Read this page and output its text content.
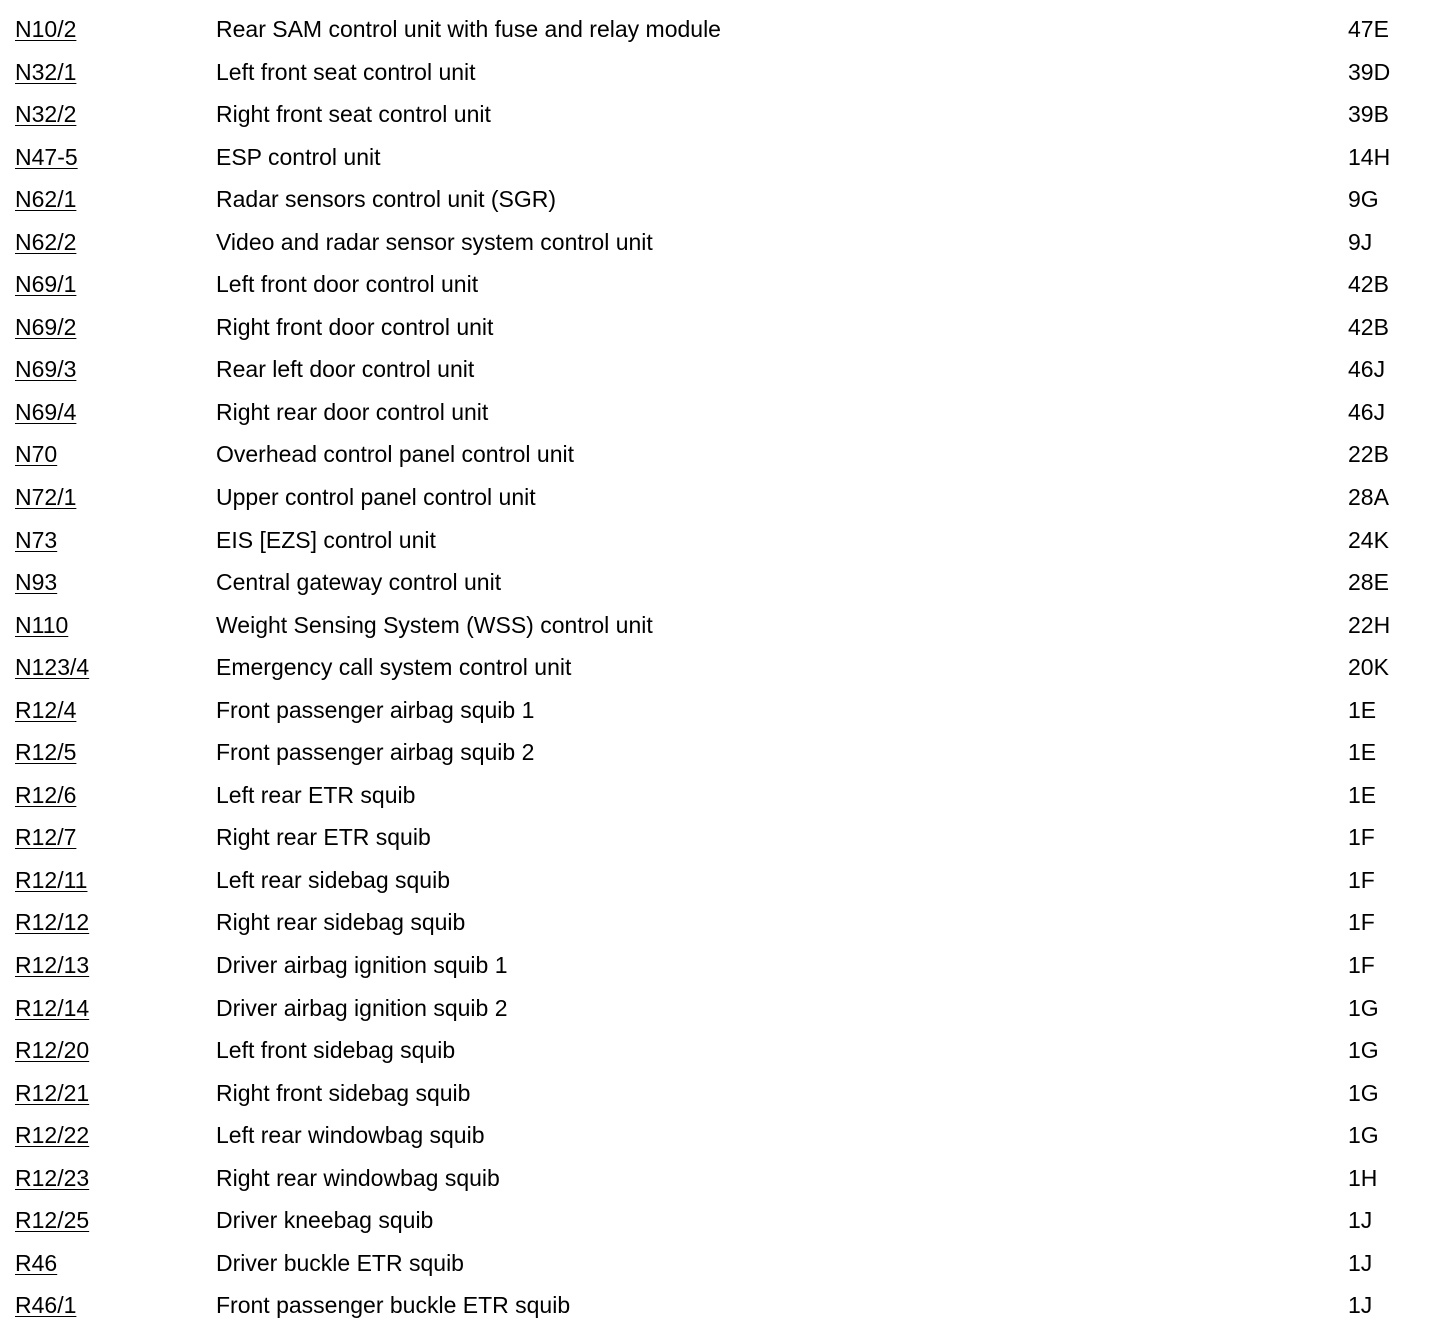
N10/2	Rear SAM control unit with fuse and relay module	47E
N32/1	Left front seat control unit	39D
N32/2	Right front seat control unit	39B
N47-5	ESP control unit	14H
N62/1	Radar sensors control unit (SGR)	9G
N62/2	Video and radar sensor system control unit	9J
N69/1	Left front door control unit	42B
N69/2	Right front door control unit	42B
N69/3	Rear left door control unit	46J
N69/4	Right rear door control unit	46J
N70	Overhead control panel control unit	22B
N72/1	Upper control panel control unit	28A
N73	EIS [EZS] control unit	24K
N93	Central gateway control unit	28E
N110	Weight Sensing System (WSS) control unit	22H
N123/4	Emergency call system control unit	20K
R12/4	Front passenger airbag squib 1	1E
R12/5	Front passenger airbag squib 2	1E
R12/6	Left rear ETR squib	1E
R12/7	Right rear ETR squib	1F
R12/11	Left rear sidebag squib	1F
R12/12	Right rear sidebag squib	1F
R12/13	Driver airbag ignition squib 1	1F
R12/14	Driver airbag ignition squib 2	1G
R12/20	Left front sidebag squib	1G
R12/21	Right front sidebag squib	1G
R12/22	Left rear windowbag squib	1G
R12/23	Right rear windowbag squib	1H
R12/25	Driver kneebag squib	1J
R46	Driver buckle ETR squib	1J
R46/1	Front passenger buckle ETR squib	1J
